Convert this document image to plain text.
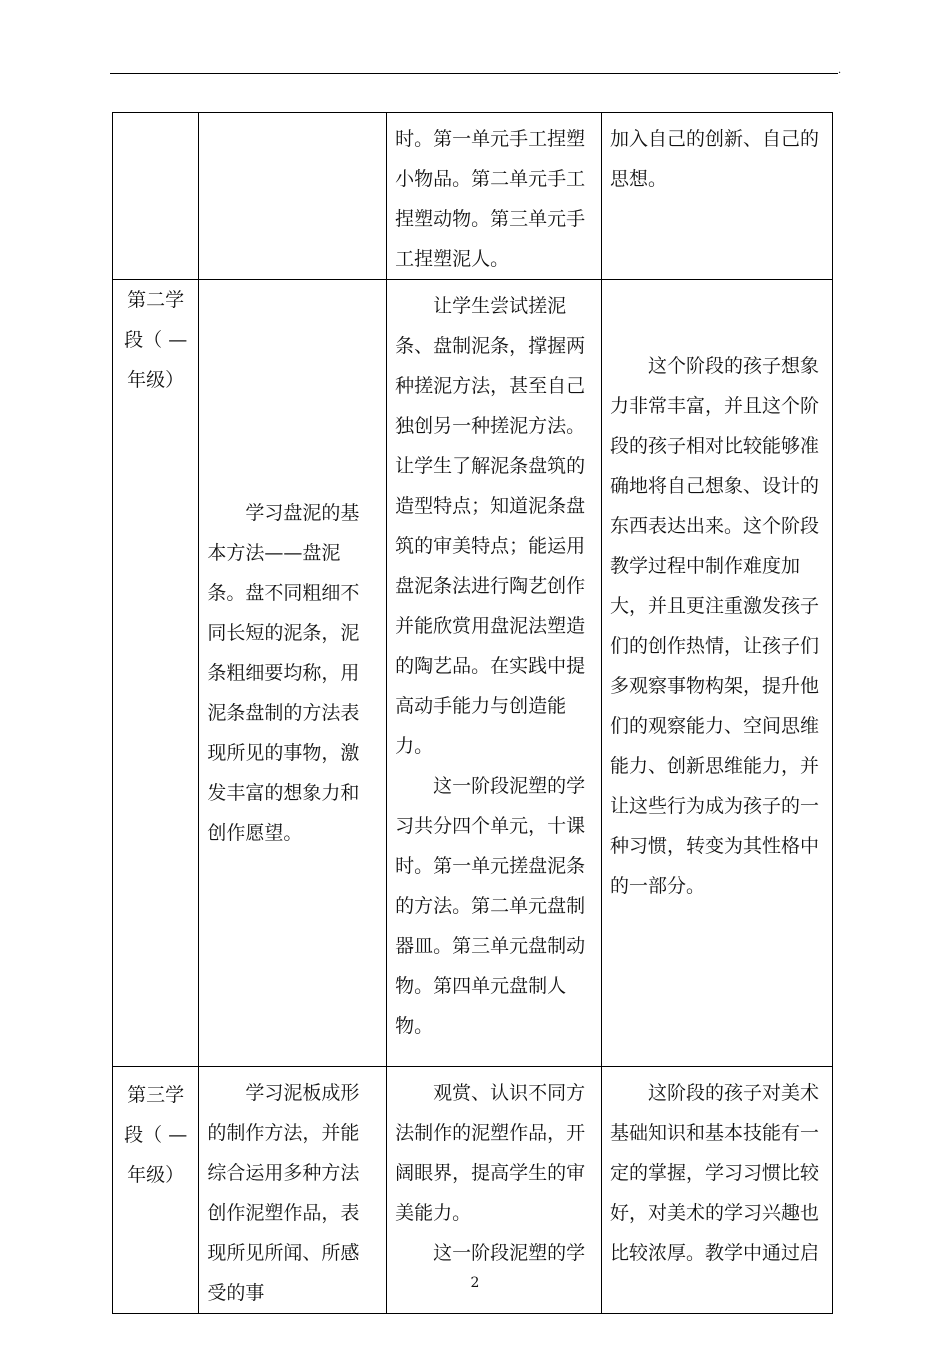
.

		时。第一单元手工捏塑小物品。第二单元手工捏塑动物。第三单元手工捏塑泥人。	加入自己的创新、自己的思想。

第二学段（ — 年级）	学习盘泥的基本方法——盘泥条。盘不同粗细不同长短的泥条，泥条粗细要均称，用泥条盘制的方法表现所见的事物，激发丰富的想象力和创作愿望。	让学生尝试搓泥条、盘制泥条，撑握两种搓泥方法，甚至自己独创另一种搓泥方法。

让学生了解泥条盘筑的造型特点；知道泥条盘筑的审美特点；能运用盘泥条法进行陶艺创作并能欣赏用盘泥法塑造的陶艺品。在实践中提高动手能力与创造能力。

这一阶段泥塑的学习共分四个单元，十课时。第一单元搓盘泥条的方法。第二单元盘制器皿。第三单元盘制动物。第四单元盘制人物。	这个阶段的孩子想象力非常丰富，并且这个阶段的孩子相对比较能够准确地将自己想象、设计的东西表达出来。这个阶段教学过程中制作难度加大，并且更注重激发孩子们的创作热情，让孩子们多观察事物构架，提升他们的观察能力、空间思维能力、创新思维能力，并让这些行为成为孩子的一种习惯，转变为其性格中的一部分。

第三学段（ — 年级）	学习泥板成形的制作方法，并能综合运用多种方法创作泥塑作品，表现所见所闻、所感受的事	观赏、认识不同方法制作的泥塑作品，开阔眼界，提高学生的审美能力。

这一阶段泥塑的学	这阶段的孩子对美术基础知识和基本技能有一定的掌握，学习习惯比较好，对美术的学习兴趣也比较浓厚。教学中通过启

2
